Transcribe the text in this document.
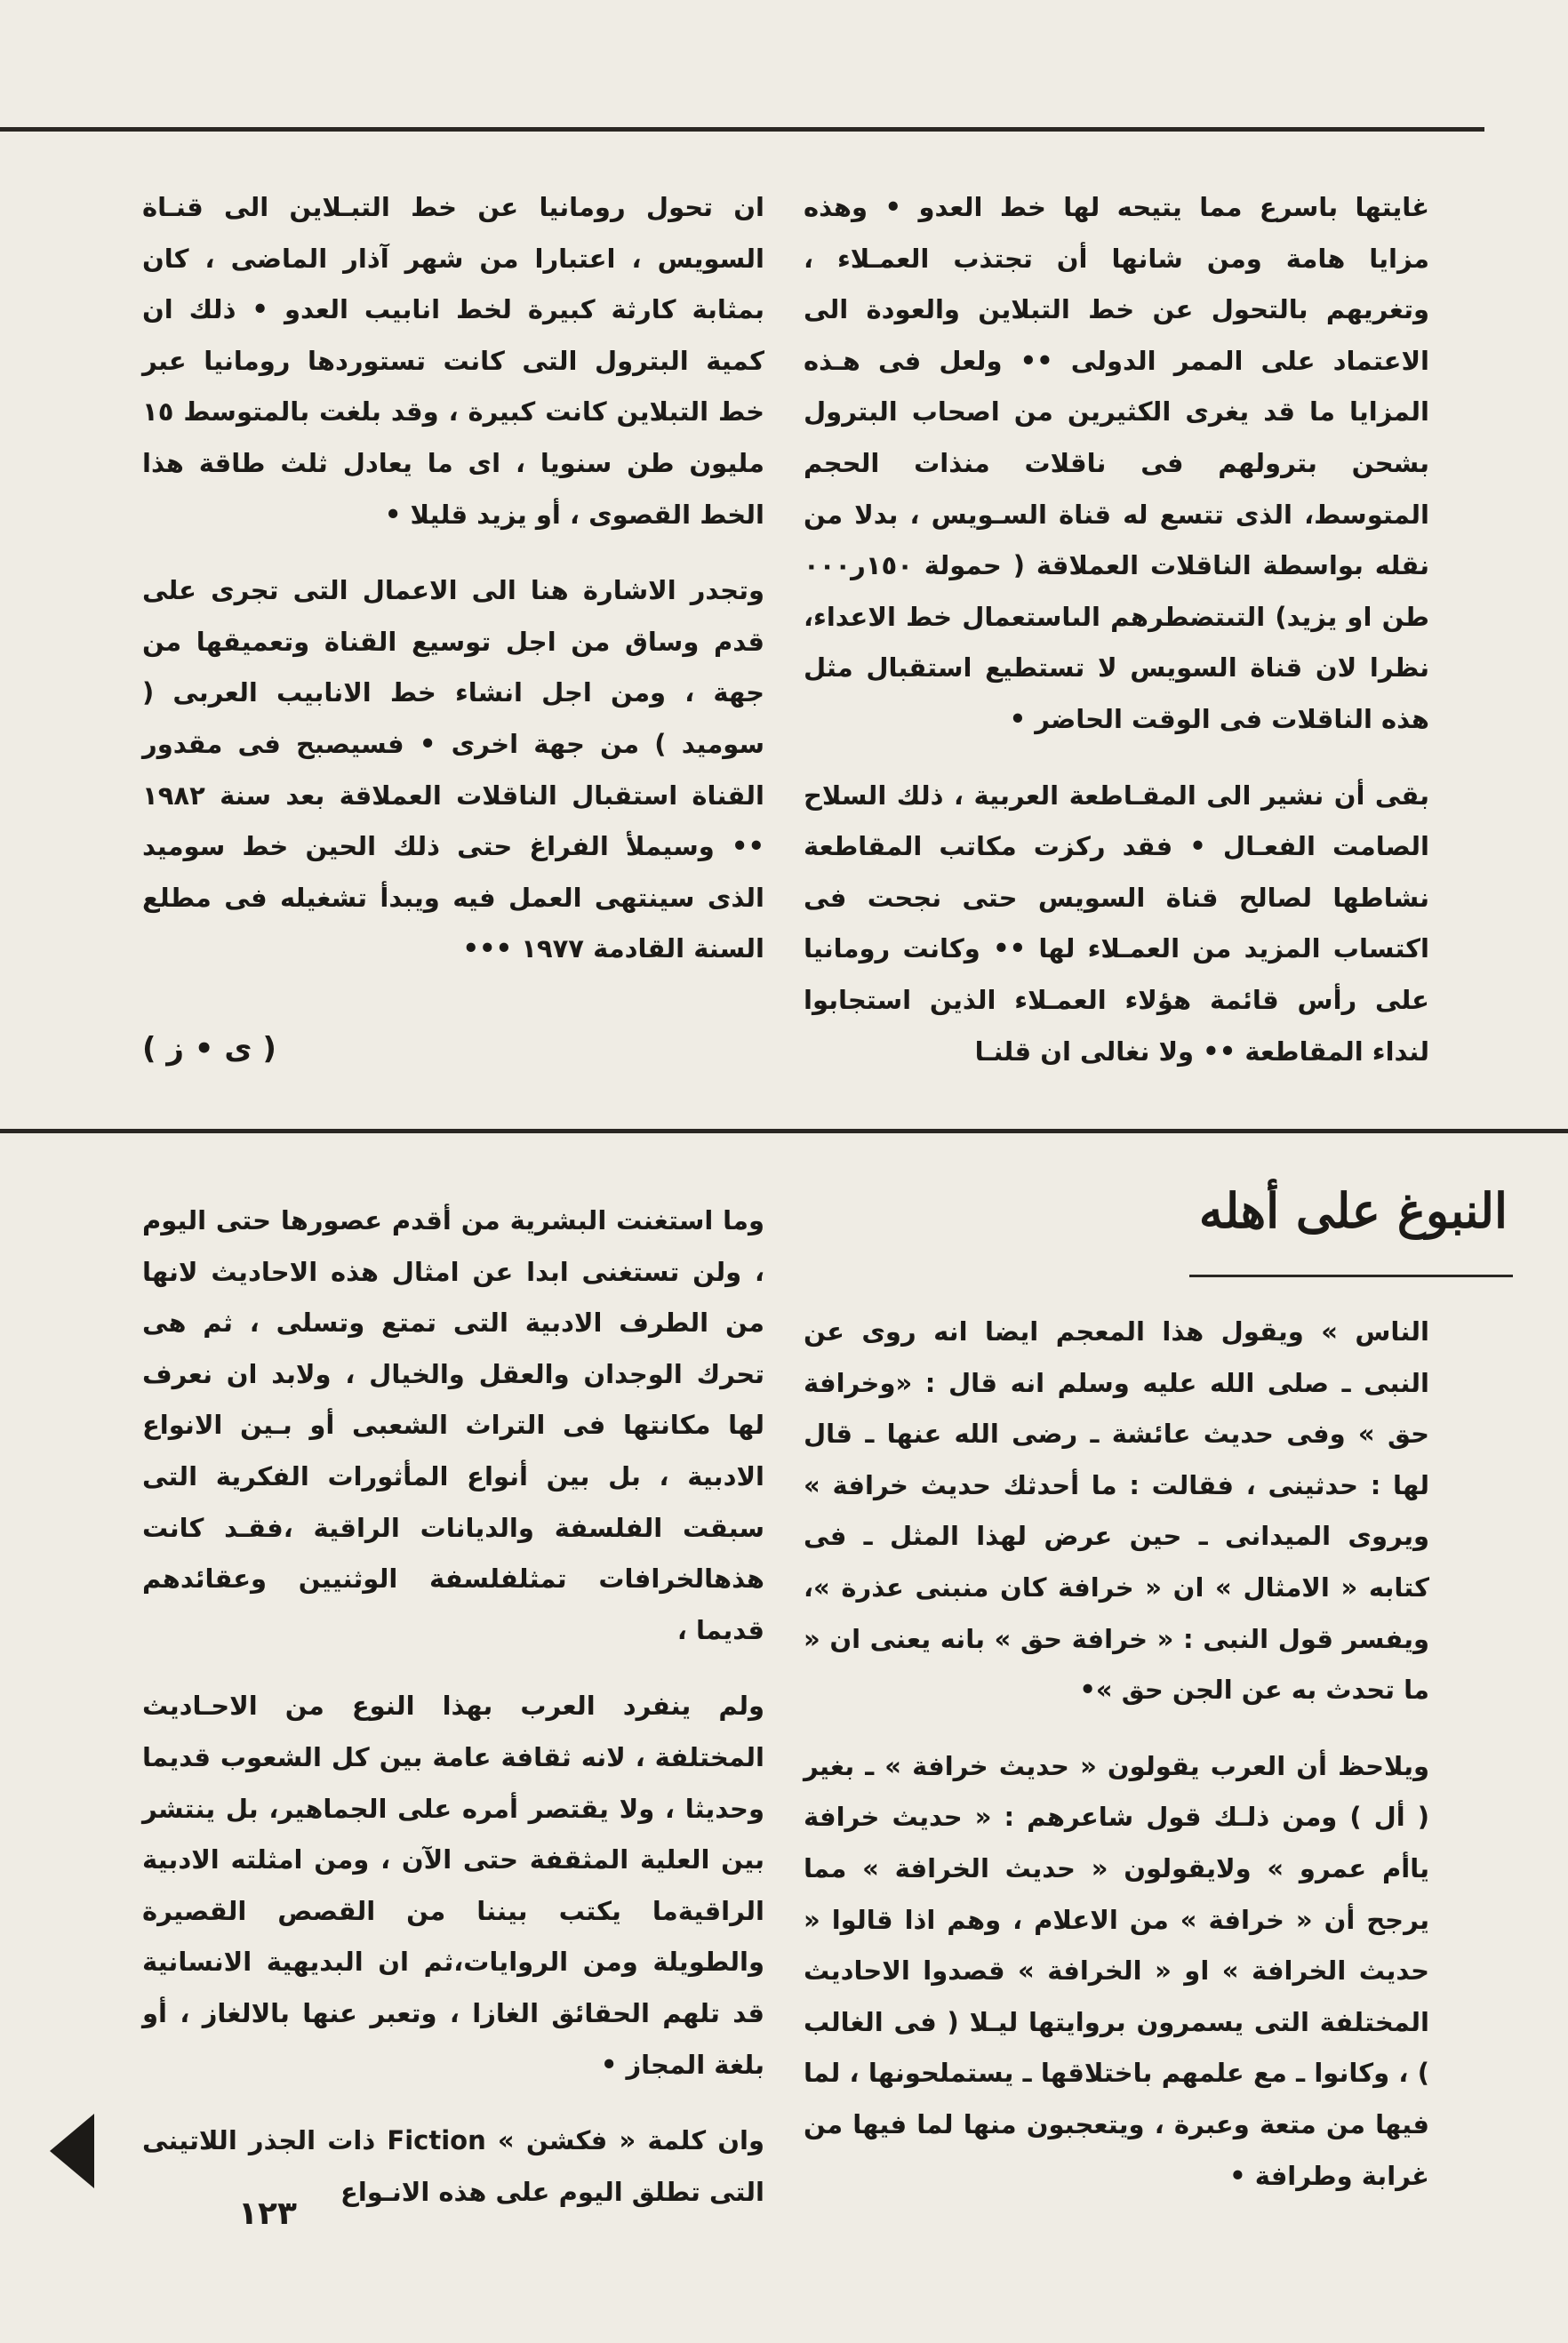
غايتها باسرع مما يتيحه لها خط العدو • وهذه مزايا هامة ومن شانها أن تجتذب العمـلاء ، وتغريهم بالتحول عن خط التبلاين والعودة الى الاعتماد على الممر الدولى •• ولعل فى هـذه المزايا ما قد يغرى الكثيرين من اصحاب البترول بشحن بترولهم فى ناقلات منذات الحجم المتوسط، الذى تتسع له قناة السـويس ، بدلا من نقله بواسطة الناقلات العملاقة ( حمولة ١٥٠ر٠٠٠ طن او يزيد) التىتضطرهم الىاستعمال خط الاعداء، نظرا لان قناة السويس لا تستطيع استقبال مثل هذه الناقلات فى الوقت الحاضر •

بقى أن نشير الى المقـاطعة العربية ، ذلك السلاح الصامت الفعـال • فقد ركزت مكاتب المقاطعة نشاطها لصالح قناة السويس حتى نجحت فى اكتساب المزيد من العمـلاء لها •• وكانت رومانيا على رأس قائمة هؤلاء العمـلاء الذين استجابوا لنداء المقاطعة •• ولا نغالى ان قلنـا

ان تحول رومانيا عن خط التبـلاين الى قنـاة السويس ، اعتبارا من شهر آذار الماضى ، كان بمثابة كارثة كبيرة لخط انابيب العدو • ذلك ان كمية البترول التى كانت تستوردها رومانيا عبر خط التبلاين كانت كبيرة ، وقد بلغت بالمتوسط ١٥ مليون طن سنويا ، اى ما يعادل ثلث طاقة هذا الخط القصوى ، أو يزيد قليلا •

وتجدر الاشارة هنا الى الاعمال التى تجرى على قدم وساق من اجل توسيع القناة وتعميقها من جهة ، ومن اجل انشاء خط الانابيب العربى ( سوميد ) من جهة اخرى • فسيصبح فى مقدور القناة استقبال الناقلات العملاقة بعد سنة ١٩٨٢ •• وسيملأ الفراغ حتى ذلك الحين خط سوميد الذى سينتهى العمل فيه ويبدأ تشغيله فى مطلع السنة القادمة ١٩٧٧ •••

( ى • ز )
النبوغ على أهله

الناس » ويقول هذا المعجم ايضا انه روى عن النبى ـ صلى الله عليه وسلم انه قال : «وخرافة حق » وفى حديث عائشة ـ رضى الله عنها ـ قال لها : حدثينى ، فقالت : ما أحدثك حديث خرافة » ويروى الميدانى ـ حين عرض لهذا المثل ـ فى كتابه « الامثال » ان « خرافة كان منبنى عذرة »، ويفسر قول النبى : « خرافة حق » بانه يعنى ان « ما تحدث به عن الجن حق »•

ويلاحظ أن العرب يقولون « حديث خرافة » ـ بغير ( أل ) ومن ذلـك قول شاعرهم : « حديث خرافة ياأم عمرو » ولايقولون « حديث الخرافة » مما يرجح أن « خرافة » من الاعلام ، وهم اذا قالوا « حديث الخرافة » او « الخرافة » قصدوا الاحاديث المختلفة التى يسمرون بروايتها ليـلا ( فى الغالب ) ، وكانوا ـ مع علمهم باختلاقها ـ يستملحونها ، لما فيها من متعة وعبرة ، ويتعجبون منها لما فيها من غرابة وطرافة •

وما استغنت البشرية من أقدم عصورها حتى اليوم ، ولن تستغنى ابدا عن امثال هذه الاحاديث لانها من الطرف الادبية التى تمتع وتسلى ، ثم هى تحرك الوجدان والعقل والخيال ، ولابد ان نعرف لها مكانتها فى التراث الشعبى أو بـين الانواع الادبية ، بل بين أنواع المأثورات الفكرية التى سبقت الفلسفة والديانات الراقية ،فقـد كانت هذهالخرافات تمثلفلسفة الوثنيين وعقائدهم قديما ،

ولم ينفرد العرب بهذا النوع من الاحـاديث المختلفة ، لانه ثقافة عامة بين كل الشعوب قديما وحديثا ، ولا يقتصر أمره على الجماهير، بل ينتشر بين العلية المثقفة حتى الآن ، ومن امثلته الادبية الراقيةما يكتب بيننا من القصص القصيرة والطويلة ومن الروايات،ثم ان البديهية الانسانية قد تلهم الحقائق الغازا ، وتعبر عنها بالالغاز ، أو بلغة المجاز •

وان كلمة « فكشن » Fiction ذات الجذر اللاتينى التى تطلق اليوم على هذه الانـواع

١٢٣
